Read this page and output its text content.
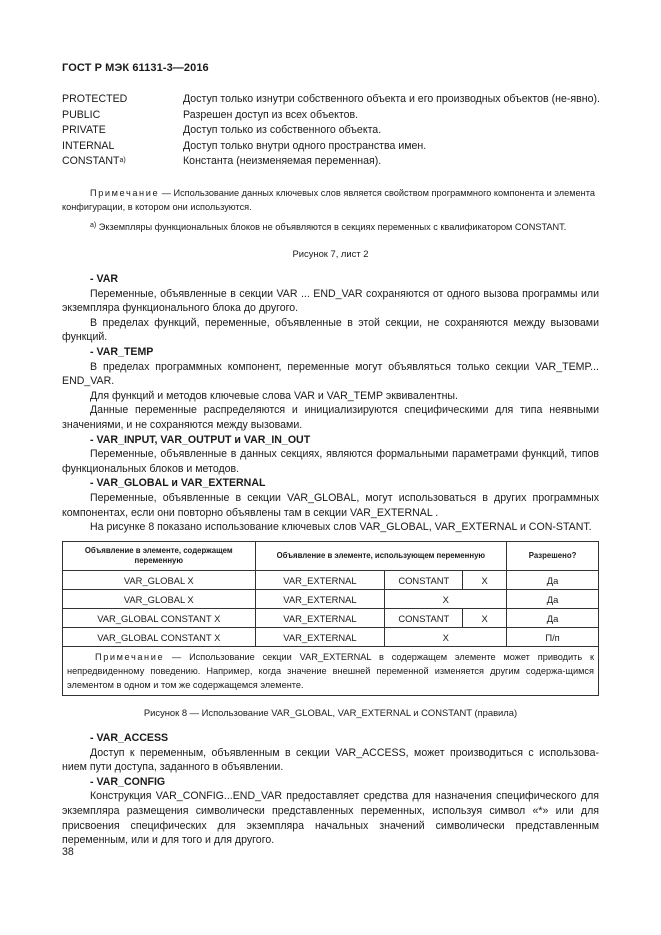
ГОСТ Р МЭК 61131-3—2016
PROTECTED	Доступ только изнутри собственного объекта и его производных объектов (не-явно).
PUBLIC	Разрешен доступ из всех объектов.
PRIVATE	Доступ только из собственного объекта.
INTERNAL	Доступ только внутри одного пространства имен.
$CONSTANT^{а)}$	Константа (неизменяемая переменная).
Примечание — Использование данных ключевых слов является свойством программного компонента и элемента конфигурации, в котором они используются.
$^{а)}$ Экземпляры функциональных блоков не объявляются в секциях переменных с квалификатором CONSTANT.
Рисунок 7, лист 2

- VAR

Переменные, объявленные в секции VAR ... END_VAR сохраняются от одного вызова программы или экземпляра функционального блока до другого.

В пределах функций, переменные, объявленные в этой секции, не сохраняются между вызовами функций.

- VAR_TEMP

В пределах программных компонент, переменные могут объявляться только секции VAR_TEMP... END_VAR.

Для функций и методов ключевые слова VAR и VAR_TEMP эквивалентны.

Данные переменные распределяются и инициализируются специфическими для типа неявными значениями, и не сохраняются между вызовами.

- VAR_INPUT, VAR_OUTPUT и VAR_IN_OUT

Переменные, объявленные в данных секциях, являются формальными параметрами функций, типов функциональных блоков и методов.

- VAR_GLOBAL и VAR_EXTERNAL

Переменные, объявленные в секции VAR_GLOBAL, могут использоваться в других программных компонентах, если они повторно объявлены там в секции VAR_EXTERNAL .

На рисунке 8 показано использование ключевых слов VAR_GLOBAL, VAR_EXTERNAL и CON-STANT.

Объявление в элементе, содержащем переменную	Объявление в элементе, использующем переменную			Разрешено?
VAR_GLOBAL X	VAR_EXTERNAL	CONSTANT	X	Да
VAR_GLOBAL X	VAR_EXTERNAL	X		Да
VAR_GLOBAL CONSTANT X	VAR_EXTERNAL	CONSTANT	X	Да
VAR_GLOBAL CONSTANT X	VAR_EXTERNAL	X		П/п
Примечание — Использование секции VAR_EXTERNAL в содержащем элементе может приводить к непредвиденному поведению. Например, когда значение внешней переменной изменяется другим содержа-щимся элементом в одном и том же содержащемся элементе.				
Рисунок 8 — Использование VAR_GLOBAL, VAR_EXTERNAL и CONSTANT (правила)

- VAR_ACCESS

Доступ к переменным, объявленным в секции VAR_ACCESS, может производиться с использова-нием пути доступа, заданного в объявлении.

- VAR_CONFIG

Конструкция VAR_CONFIG...END_VAR предоставляет средства для назначения специфического для экземпляра размещения символически представленных переменных, используя символ «*» или для присвоения специфических для экземпляра начальных значений символически представленным переменным, или и для того и для другого.

38
